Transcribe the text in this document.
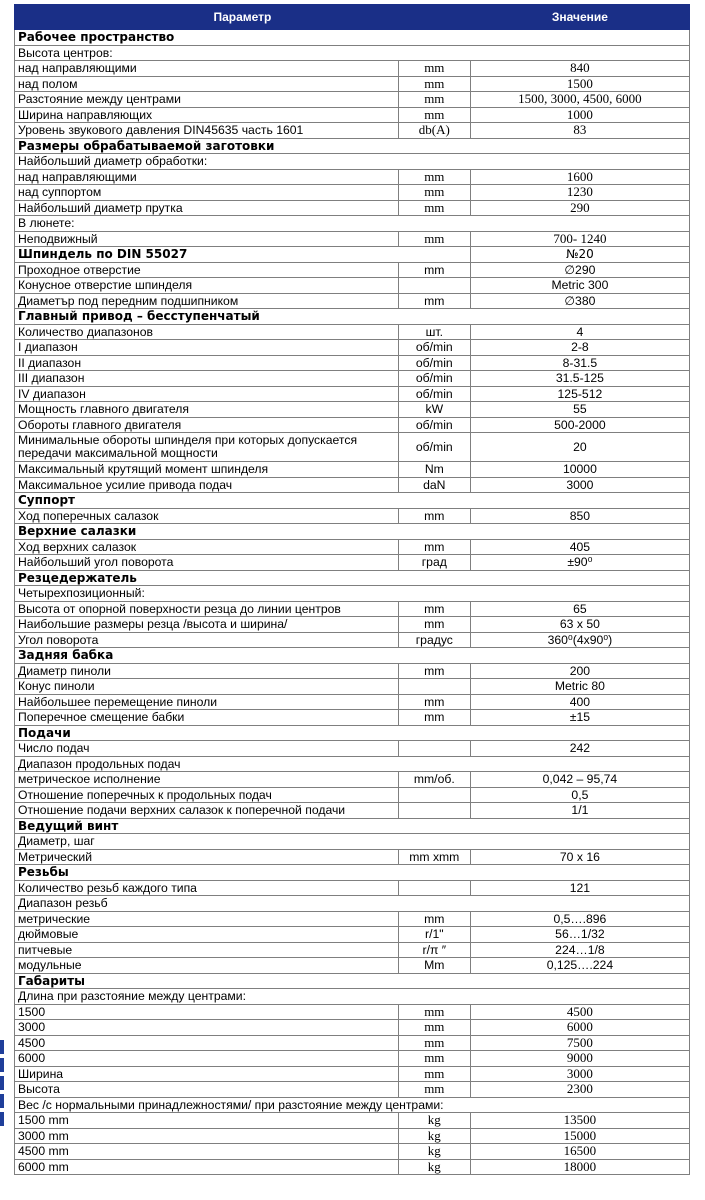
Параметр		Значение
Рабочее пространство		
Высота центров:		
над направляющими	mm	840
над полом	mm	1500
Разстояние между центрами	mm	1500, 3000, 4500, 6000
Ширина направляющих	mm	1000
Уровень звукового давления DIN45635 часть 1601	db(A)	83
Размеры обрабатываемой заготовки		
Найбольший диаметр обработки:		
над направляющими	mm	1600
над суппортом	mm	1230
Найбольший диаметр прутка	mm	290
В люнете:		
Неподвижный	mm	700- 1240
Шпиндель по DIN 55027		№20
Проходное отверстие	mm	∅290
Конусное отверстие шпинделя		Metric 300
Диаметър под передним подшипником	mm	∅380
Главный привод – бесступенчатый		
Количество диапазонов	шт.	4
I диапазон	об/min	2-8
II диапазон	об/min	8-31.5
III диапазон	об/min	31.5-125
IV диапазон	об/min	125-512
Мощность главного двигателя	kW	55
Обороты главного двигателя	об/min	500-2000
Минимальные обороты шпинделя при которых допускается передачи максимальной мощности	об/min	20
Максимальный крутящий момент шпинделя	Nm	10000
Максимальное усилие привода подач	daN	3000
Суппорт		
Ход поперечных салазок	mm	850
Верхние салазки		
Ход верхних салазок	mm	405
Найбольший угол поворота	град	±90⁰
Резцедержатель		
Четырехпозиционный:		
Высота от опорной поверхности резца до линии центров	mm	65
Наибольшие размеры резца /высота и ширина/	mm	63 x 50
Угол поворота	градус	360⁰(4x90⁰)
Задняя бабка		
Диаметр пиноли	mm	200
Конус пиноли		Metric 80
Найбольшее перемещение пиноли	mm	400
Поперечное смещение бабки	mm	±15
Подачи		
Число подач		242
Диапазон продольных подач		
метрическое исполнение	mm/об.	0,042 – 95,74
Отношение поперечных к продольных подач		0,5
Отношение подачи верхних салазок к поперечной подачи		1/1
Ведущий винт		
Диаметр, шаг		
Метрический	mm xmm	70 x 16
Резьбы		
Количество резьб каждого типа		121
Диапазон резьб		
метрические	mm	0,5….896
дюймовые	r/1"	56…1/32
питчевые	r/π ″	224…1/8
модульные	Mm	0,125….224
Габариты		
Длина при разстояние между центрами:		
1500	mm	4500
3000	mm	6000
4500	mm	7500
6000	mm	9000
Ширина	mm	3000
Высота	mm	2300
Вес /с нормальными принадлежностями/ при разстояние между центрами:		
1500 mm	kg	13500
3000 mm	kg	15000
4500 mm	kg	16500
6000 mm	kg	18000
